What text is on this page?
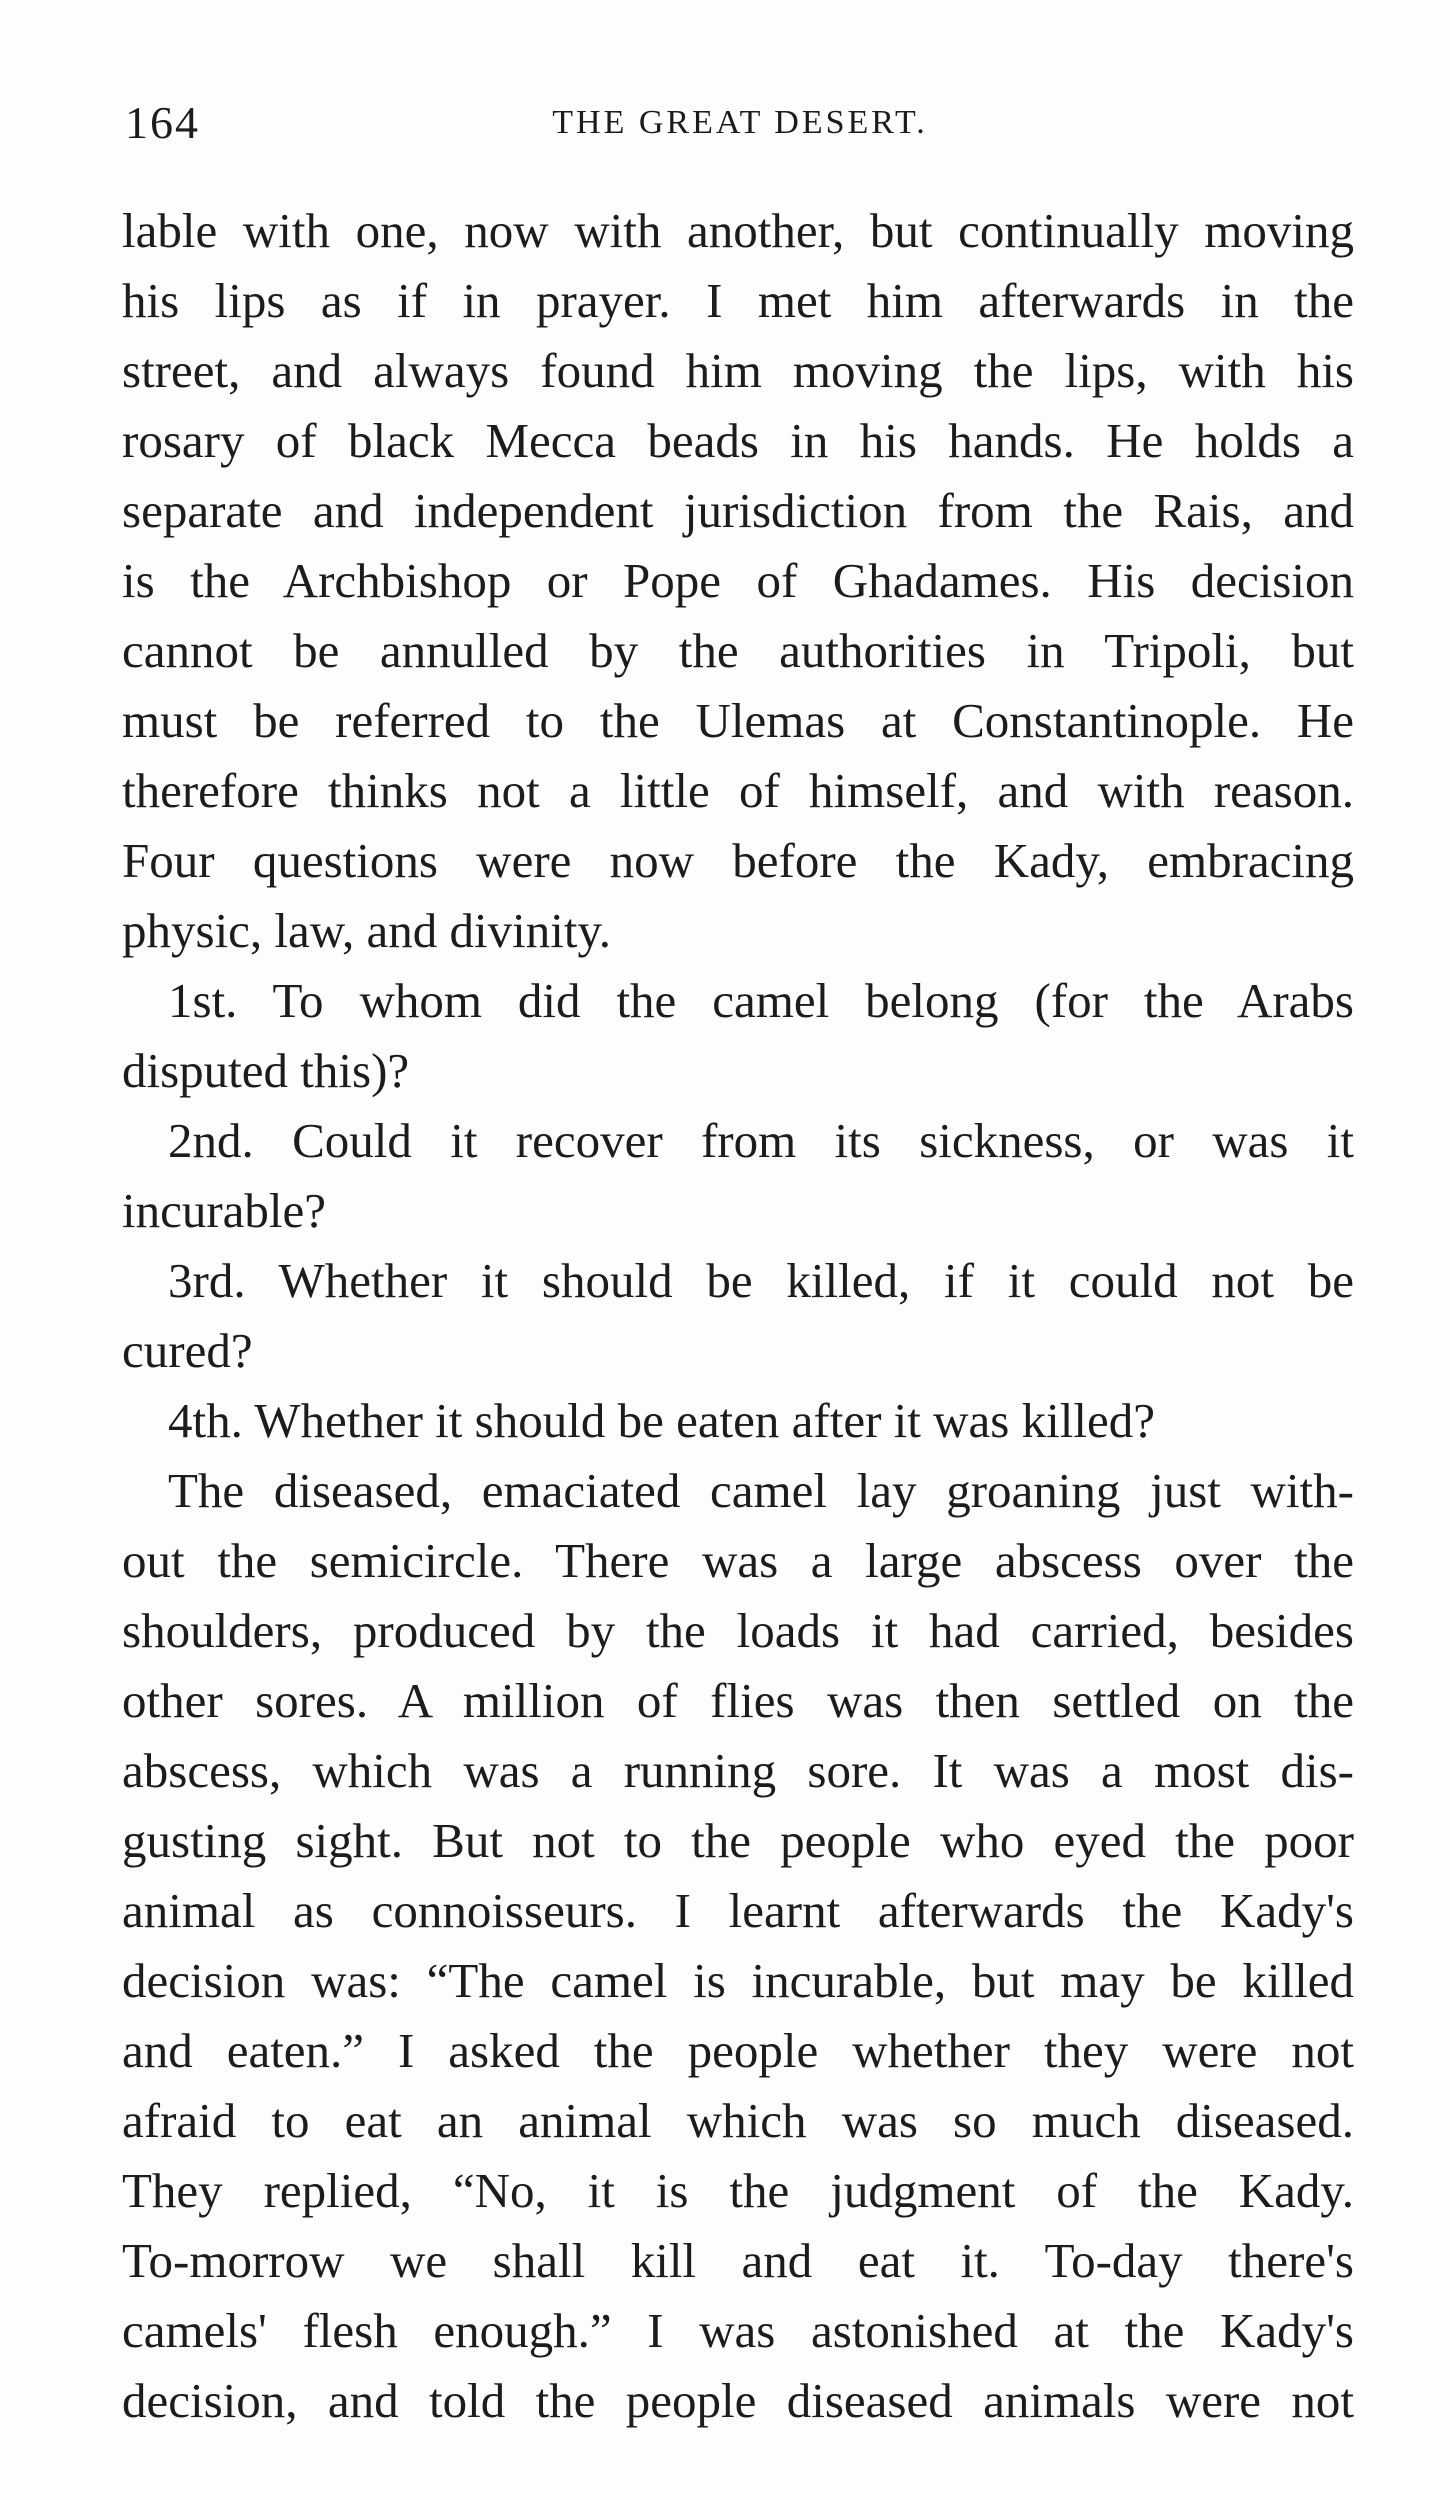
164	THE GREAT DESERT.
lable with one, now with another, but continually moving
his lips as if in prayer. I met him afterwards in the
street, and always found him moving the lips, with his
rosary of black Mecca beads in his hands. He holds a
separate and independent jurisdiction from the Rais, and
is the Archbishop or Pope of Ghadames. His decision
cannot be annulled by the authorities in Tripoli, but
must be referred to the Ulemas at Constantinople. He
therefore thinks not a little of himself, and with reason.
Four questions were now before the Kady, embracing
physic, law, and divinity.
1st. To whom did the camel belong (for the Arabs
disputed this)?
2nd. Could it recover from its sickness, or was it
incurable?
3rd. Whether it should be killed, if it could not be
cured?
4th. Whether it should be eaten after it was killed?
The diseased, emaciated camel lay groaning just with-
out the semicircle. There was a large abscess over the
shoulders, produced by the loads it had carried, besides
other sores. A million of flies was then settled on the
abscess, which was a running sore. It was a most dis-
gusting sight. But not to the people who eyed the poor
animal as connoisseurs. I learnt afterwards the Kady's
decision was: “The camel is incurable, but may be killed
and eaten.” I asked the people whether they were not
afraid to eat an animal which was so much diseased.
They replied, “No, it is the judgment of the Kady.
To-morrow we shall kill and eat it. To-day there's
camels' flesh enough.” I was astonished at the Kady's
decision, and told the people diseased animals were not
